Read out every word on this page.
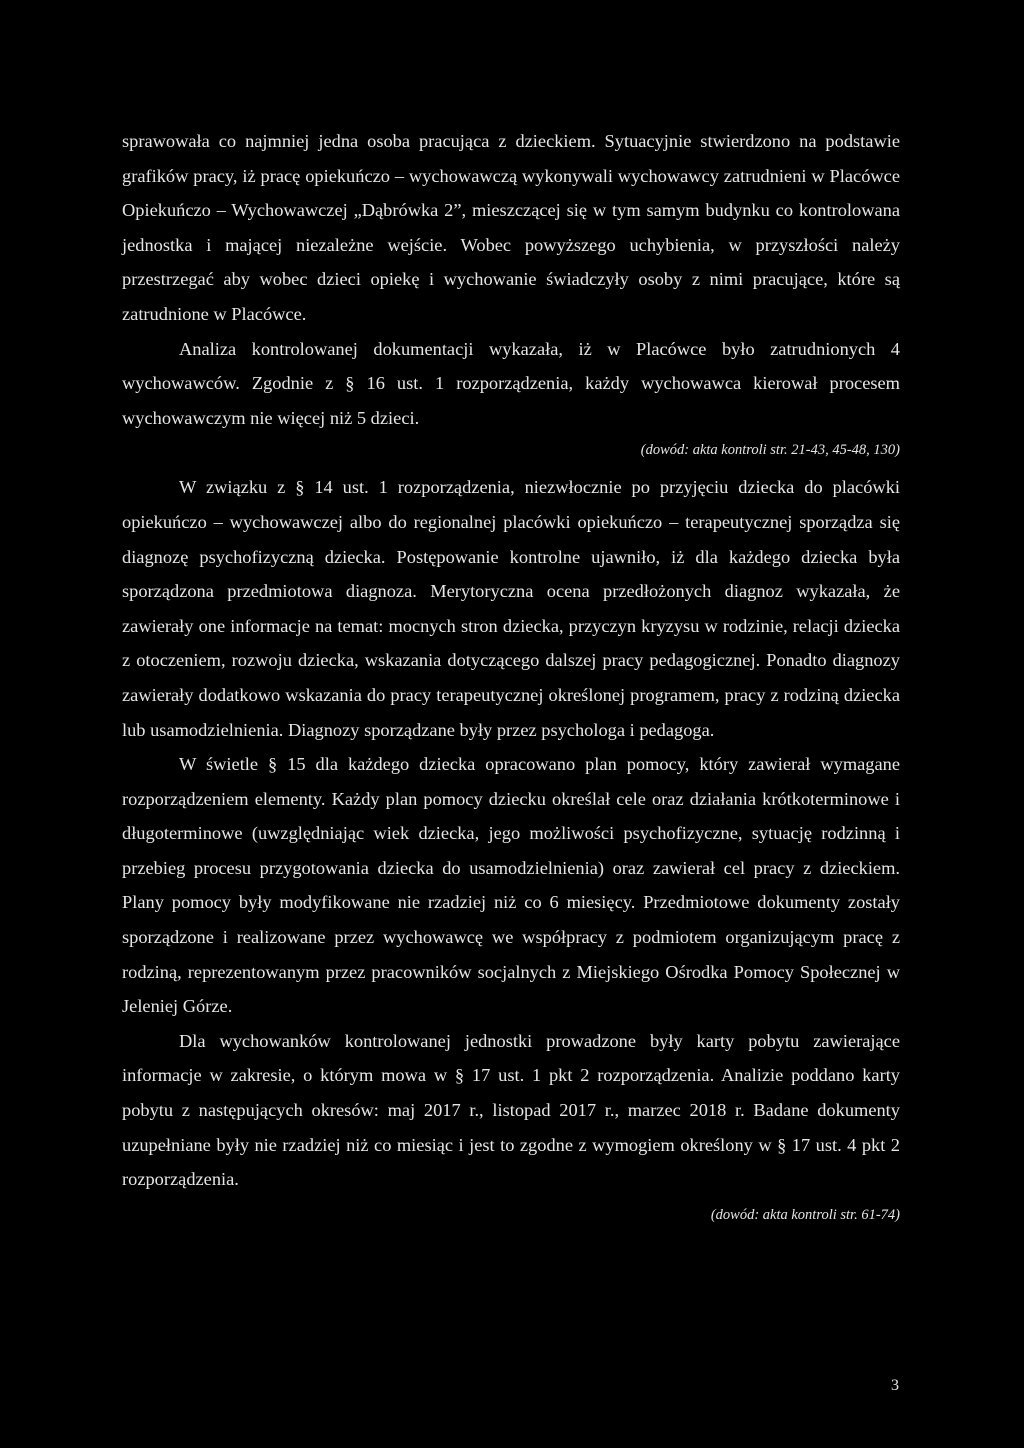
sprawowała co najmniej jedna osoba pracująca z dzieckiem. Sytuacyjnie stwierdzono na podstawie grafików pracy, iż pracę opiekuńczo – wychowawczą wykonywali wychowawcy zatrudnieni w Placówce Opiekuńczo – Wychowawczej „Dąbrówka 2”, mieszczącej się w tym samym budynku co kontrolowana jednostka i mającej niezależne wejście. Wobec powyższego uchybienia, w przyszłości należy przestrzegać aby wobec dzieci opiekę i wychowanie świadczyły osoby z nimi pracujące, które są zatrudnione w Placówce.

Analiza kontrolowanej dokumentacji wykazała, iż w Placówce było zatrudnionych 4 wychowawców. Zgodnie z § 16 ust. 1 rozporządzenia, każdy wychowawca kierował procesem wychowawczym nie więcej niż 5 dzieci.

(dowód: akta kontroli str. 21-43, 45-48, 130)

W związku z § 14 ust. 1 rozporządzenia, niezwłocznie po przyjęciu dziecka do placówki opiekuńczo – wychowawczej albo do regionalnej placówki opiekuńczo – terapeutycznej sporządza się diagnozę psychofizyczną dziecka. Postępowanie kontrolne ujawniło, iż dla każdego dziecka była sporządzona przedmiotowa diagnoza. Merytoryczna ocena przedłożonych diagnoz wykazała, że zawierały one informacje na temat: mocnych stron dziecka, przyczyn kryzysu w rodzinie, relacji dziecka z otoczeniem, rozwoju dziecka, wskazania dotyczącego dalszej pracy pedagogicznej. Ponadto diagnozy zawierały dodatkowo wskazania do pracy terapeutycznej określonej programem, pracy z rodziną dziecka lub usamodzielnienia. Diagnozy sporządzane były przez psychologa i pedagoga.

W świetle § 15 dla każdego dziecka opracowano plan pomocy, który zawierał wymagane rozporządzeniem elementy. Każdy plan pomocy dziecku określał cele oraz działania krótkoterminowe i długoterminowe (uwzględniając wiek dziecka, jego możliwości psychofizyczne, sytuację rodzinną i przebieg procesu przygotowania dziecka do usamodzielnienia) oraz zawierał cel pracy z dzieckiem. Plany pomocy były modyfikowane nie rzadziej niż co 6 miesięcy. Przedmiotowe dokumenty zostały sporządzone i realizowane przez wychowawcę we współpracy z podmiotem organizującym pracę z rodziną, reprezentowanym przez pracowników socjalnych z Miejskiego Ośrodka Pomocy Społecznej w Jeleniej Górze.

Dla wychowanków kontrolowanej jednostki prowadzone były karty pobytu zawierające informacje w zakresie, o którym mowa w § 17 ust. 1 pkt 2 rozporządzenia. Analizie poddano karty pobytu z następujących okresów: maj 2017 r., listopad 2017 r., marzec 2018 r. Badane dokumenty uzupełniane były nie rzadziej niż co miesiąc i jest to zgodne z wymogiem określony w § 17 ust. 4 pkt 2 rozporządzenia.

(dowód: akta kontroli str. 61-74)
3
